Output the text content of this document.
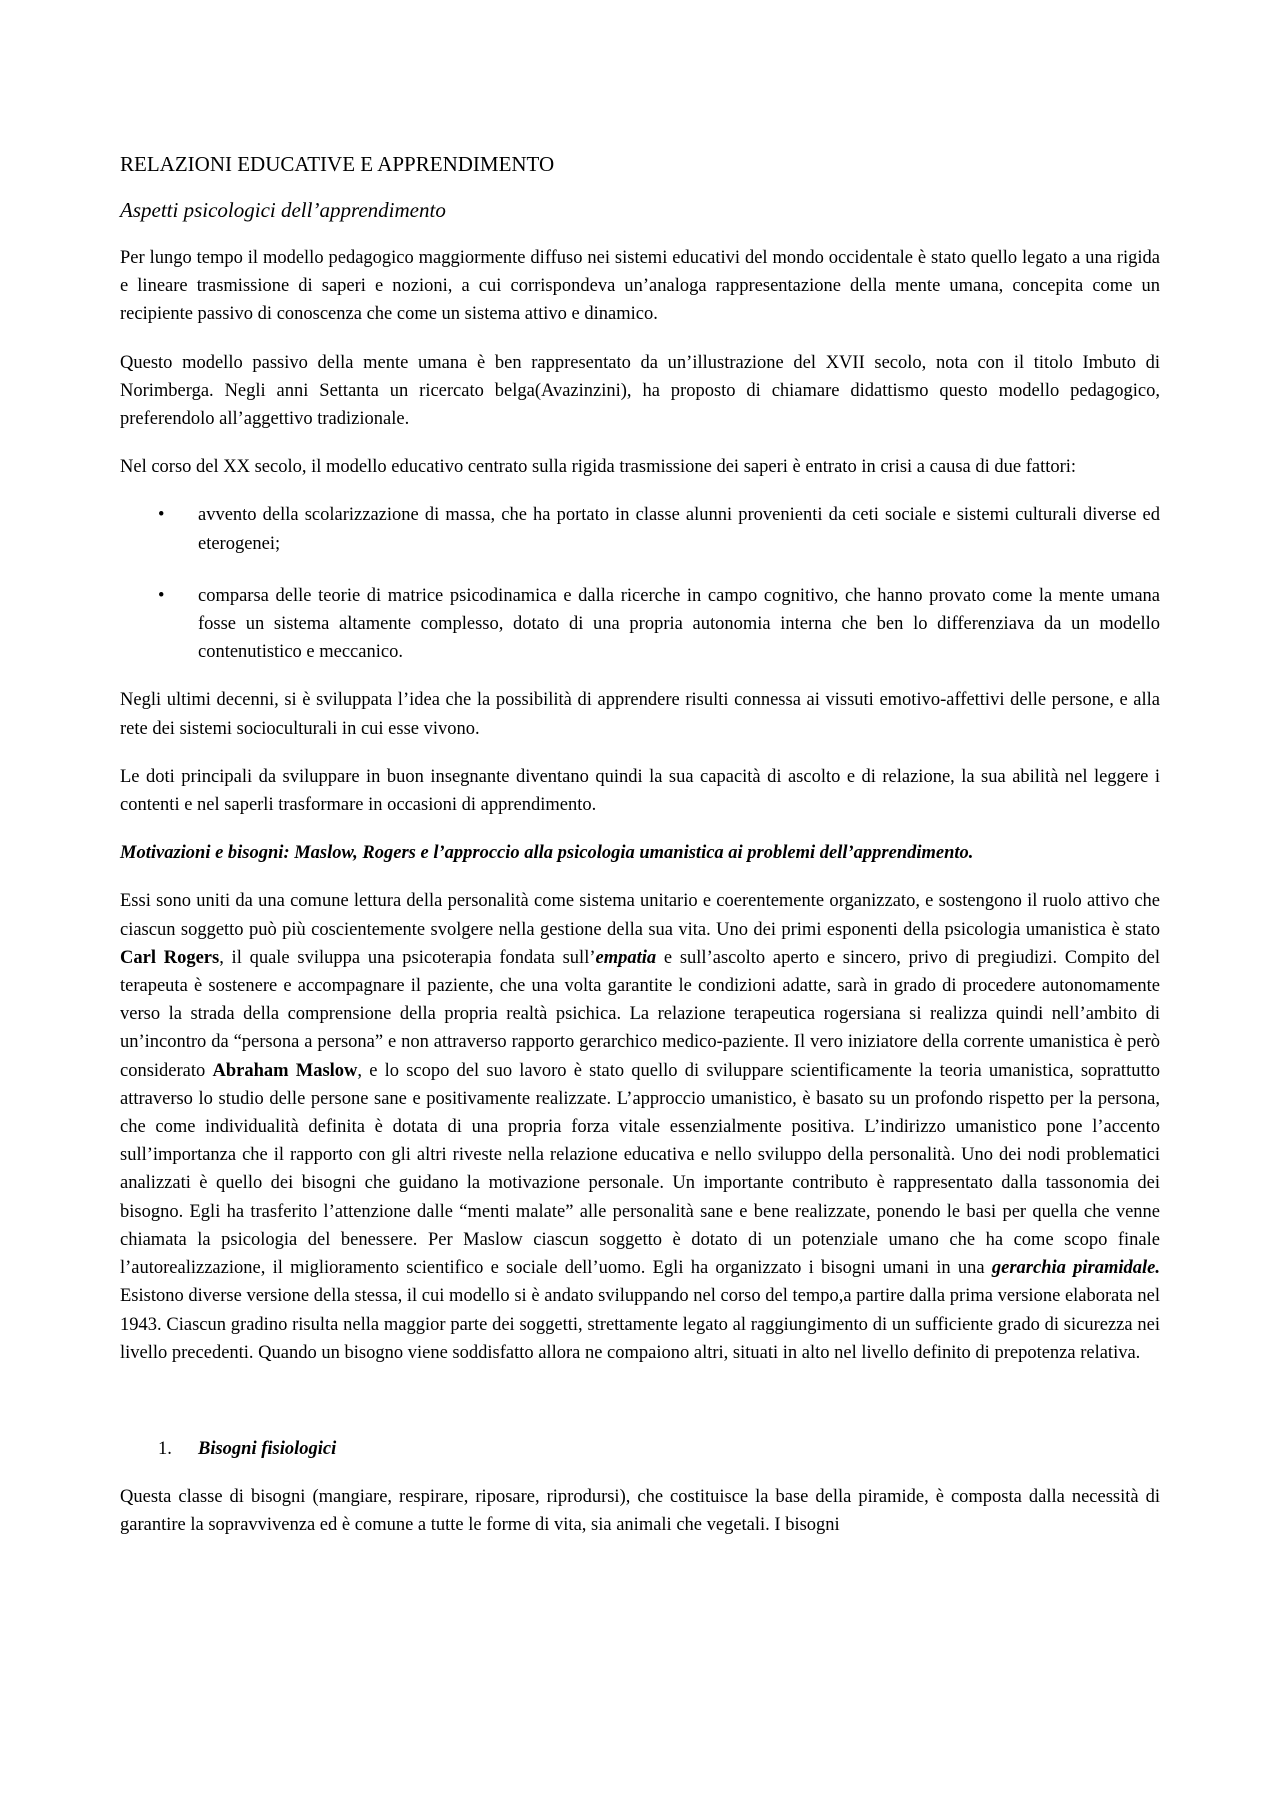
RELAZIONI EDUCATIVE E APPRENDIMENTO
Aspetti psicologici dell’apprendimento

Per lungo tempo il modello pedagogico maggiormente diffuso nei sistemi educativi del mondo occidentale è stato quello legato a una rigida e lineare trasmissione di saperi e nozioni, a cui corrispondeva un’analoga rappresentazione della mente umana, concepita come un recipiente passivo di conoscenza che come un sistema attivo e dinamico.

Questo modello passivo della mente umana è ben rappresentato da un’illustrazione del XVII secolo, nota con il titolo Imbuto di Norimberga. Negli anni Settanta un ricercato belga(Avazinzini), ha proposto di chiamare didattismo questo modello pedagogico, preferendolo all’aggettivo tradizionale.

Nel corso del XX secolo, il modello educativo centrato sulla rigida trasmissione dei saperi è entrato in crisi a causa di due fattori:

• avvento della scolarizzazione di massa, che ha portato in classe alunni provenienti da ceti sociale e sistemi culturali diverse ed eterogenei;
• comparsa delle teorie di matrice psicodinamica e dalla ricerche in campo cognitivo, che hanno provato come la mente umana fosse un sistema altamente complesso, dotato di una propria autonomia interna che ben lo differenziava da un modello contenutistico e meccanico.

Negli ultimi decenni, si è sviluppata l’idea che la possibilità di apprendere risulti connessa ai vissuti emotivo-affettivi delle persone, e alla rete dei sistemi socioculturali in cui esse vivono.

Le doti principali da sviluppare in buon insegnante diventano quindi la sua capacità di ascolto e di relazione, la sua abilità nel leggere i contenti e nel saperli trasformare in occasioni di apprendimento.

Motivazioni e bisogni: Maslow, Rogers e l’approccio alla psicologia umanistica ai problemi dell’apprendimento.

Essi sono uniti da una comune lettura della personalità come sistema unitario e coerentemente organizzato, e sostengono il ruolo attivo che ciascun soggetto può più coscientemente svolgere nella gestione della sua vita. Uno dei primi esponenti della psicologia umanistica è stato Carl Rogers, il quale sviluppa una psicoterapia fondata sull’empatia e sull’ascolto aperto e sincero, privo di pregiudizi. Compito del terapeuta è sostenere e accompagnare il paziente, che una volta garantite le condizioni adatte, sarà in grado di procedere autonomamente verso la strada della comprensione della propria realtà psichica. La relazione terapeutica rogersiana si realizza quindi nell’ambito di un’incontro da “persona a persona” e non attraverso rapporto gerarchico medico-paziente. Il vero iniziatore della corrente umanistica è però considerato Abraham Maslow, e lo scopo del suo lavoro è stato quello di sviluppare scientificamente la teoria umanistica, soprattutto attraverso lo studio delle persone sane e positivamente realizzate. L’approccio umanistico, è basato su un profondo rispetto per la persona, che come individualità definita è dotata di una propria forza vitale essenzialmente positiva. L’indirizzo umanistico pone l’accento sull’importanza che il rapporto con gli altri riveste nella relazione educativa e nello sviluppo della personalità. Uno dei nodi problematici analizzati è quello dei bisogni che guidano la motivazione personale. Un importante contributo è rappresentato dalla tassonomia dei bisogno. Egli ha trasferito l’attenzione dalle “menti malate” alle personalità sane e bene realizzate, ponendo le basi per quella che venne chiamata la psicologia del benessere. Per Maslow ciascun soggetto è dotato di un potenziale umano che ha come scopo finale l’autorealizzazione, il miglioramento scientifico e sociale dell’uomo. Egli ha organizzato i bisogni umani in una gerarchia piramidale. Esistono diverse versione della stessa, il cui modello si è andato sviluppando nel corso del tempo,a partire dalla prima versione elaborata nel 1943. Ciascun gradino risulta nella maggior parte dei soggetti, strettamente legato al raggiungimento di un sufficiente grado di sicurezza nei livello precedenti. Quando un bisogno viene soddisfatto allora ne compaiono altri, situati in alto nel livello definito di prepotenza relativa.

1. Bisogni fisiologici

Questa classe di bisogni (mangiare, respirare, riposare, riprodursi), che costituisce la base della piramide, è composta dalla necessità di garantire la sopravvivenza ed è comune a tutte le forme di vita, sia animali che vegetali. I bisogni
